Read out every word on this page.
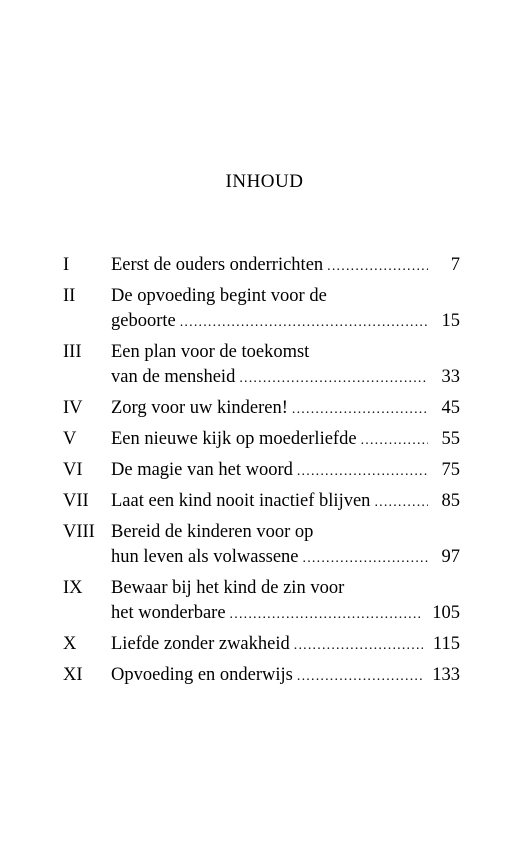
INHOUD
I	Eerst de ouders onderrichten .....	7
II	De opvoeding begint voor de
geboorte .....	15
III	Een plan voor de toekomst
van de mensheid .....	33
IV	Zorg voor uw kinderen! .....	45
V	Een nieuwe kijk op moederliefde .....	55
VI	De magie van het woord .....	75
VII	Laat een kind nooit inactief blijven .....	85
VIII Bereid de kinderen voor op
hun leven als volwassene .....	97
IX	Bewaar bij het kind de zin voor
het wonderbare .....	105
X	Liefde zonder zwakheid .....	115
XI	Opvoeding en onderwijs .....	133
